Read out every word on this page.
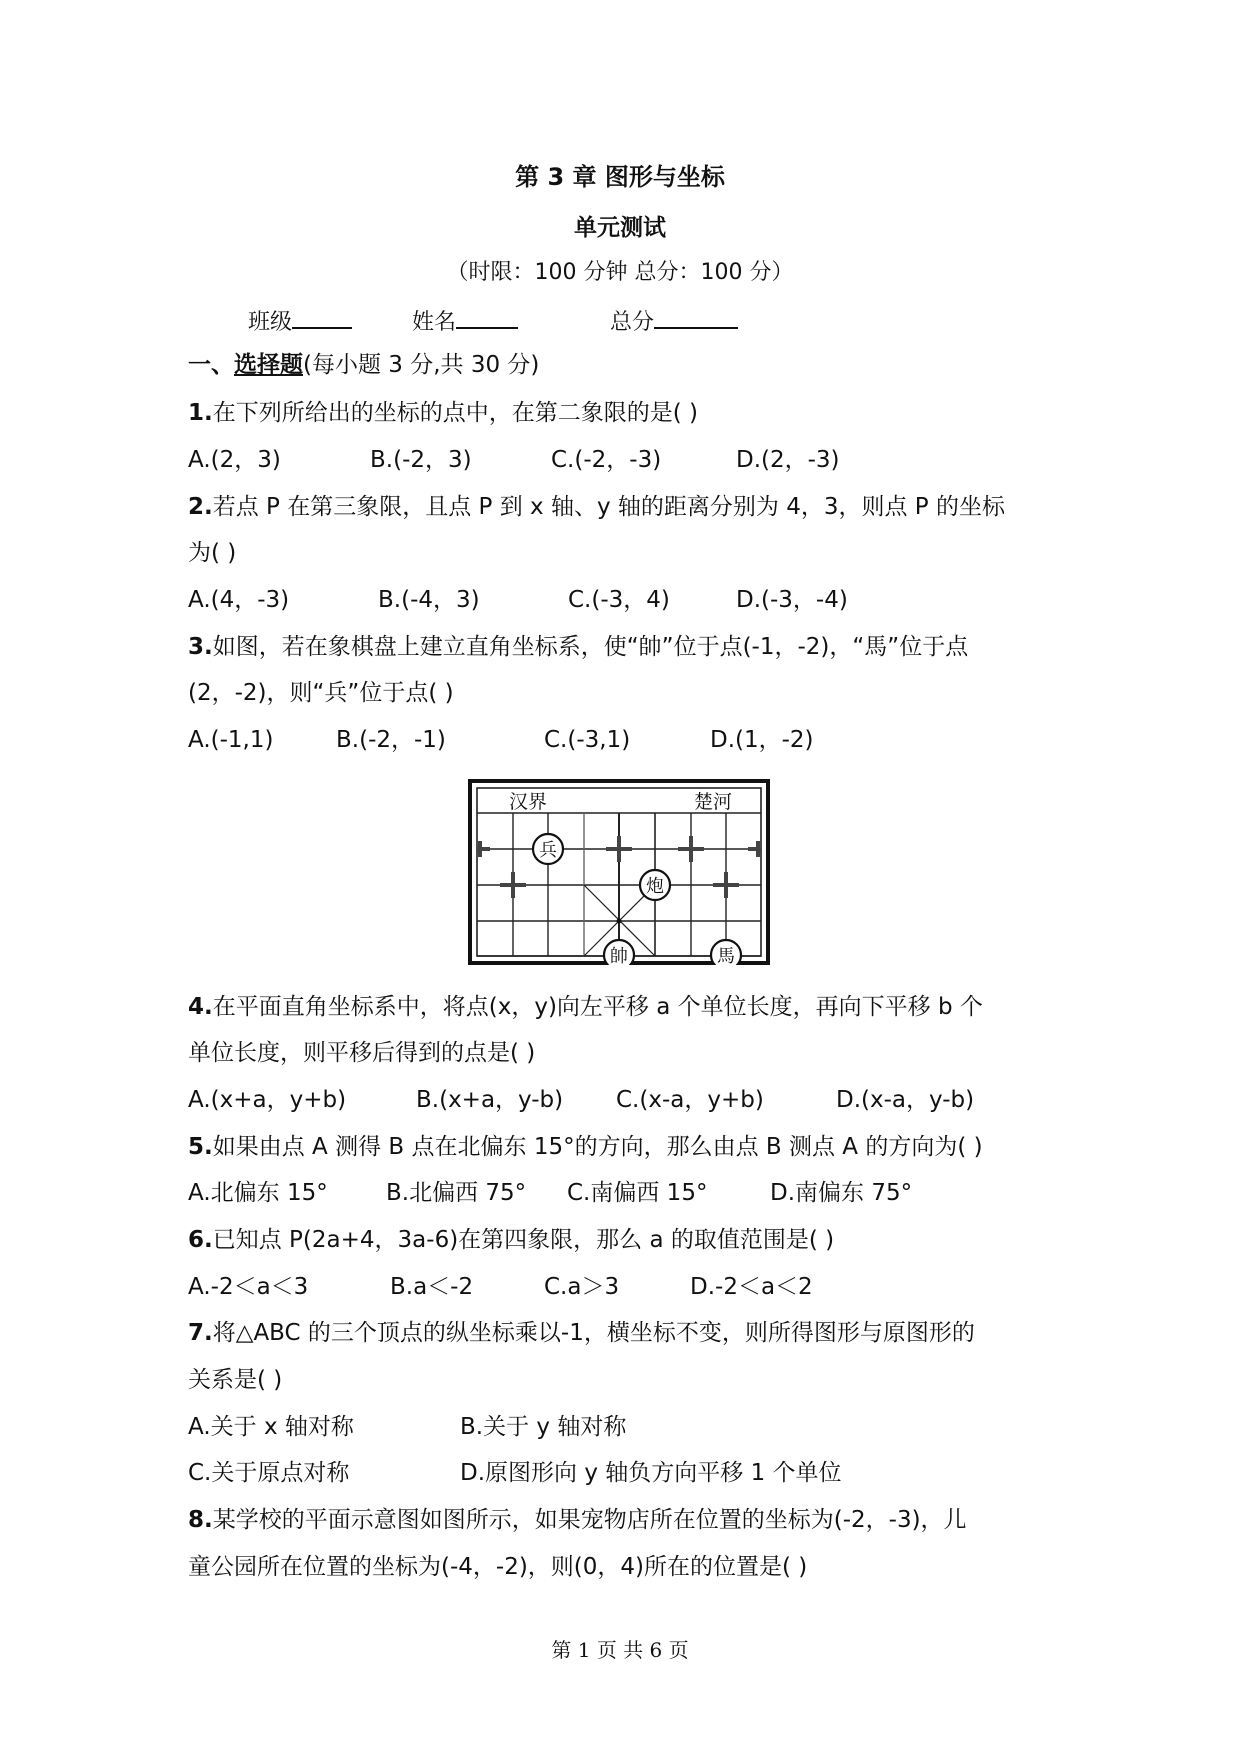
第 3 章 图形与坐标
单元测试
（时限：100 分钟 总分：100 分）
班级	姓名	总分
一、选择题(每小题 3 分,共 30 分)
1.在下列所给出的坐标的点中，在第二象限的是( )
A.(2，3)	B.(-2，3)	C.(-2，-3)	D.(2，-3)
2.若点 P 在第三象限，且点 P 到 x 轴、y 轴的距离分别为 4，3，则点 P 的坐标
为( )
A.(4，-3)	B.(-4，3)	C.(-3，4)	D.(-3，-4)
3.如图，若在象棋盘上建立直角坐标系，使“帥”位于点(-1，-2)，“馬”位于点
(2，-2)，则“兵”位于点( )
A.(-1,1)	B.(-2，-1)	C.(-3,1)	D.(1，-2)
汉界	楚河
兵
炮
帥	馬
4.在平面直角坐标系中，将点(x，y)向左平移 a 个单位长度，再向下平移 b 个
单位长度，则平移后得到的点是( )
A.(x+a，y+b)	B.(x+a，y-b) C.(x-a，y+b)	D.(x-a，y-b)
5.如果由点 A 测得 B 点在北偏东 15°的方向，那么由点 B 测点 A 的方向为( )
A.北偏东 15°	B.北偏西 75° C.南偏西 15°	D.南偏东 75°
6.已知点 P(2a+4，3a-6)在第四象限，那么 a 的取值范围是( )
A.-2＜a＜3	B.a＜-2	C.a＞3	D.-2＜a＜2
7.将△ABC 的三个顶点的纵坐标乘以-1，横坐标不变，则所得图形与原图形的
关系是( )
A.关于 x 轴对称	B.关于 y 轴对称
C.关于原点对称	D.原图形向 y 轴负方向平移 1 个单位
8.某学校的平面示意图如图所示，如果宠物店所在位置的坐标为(-2，-3)，儿
童公园所在位置的坐标为(-4，-2)，则(0，4)所在的位置是( )
第 1 页 共 6 页
